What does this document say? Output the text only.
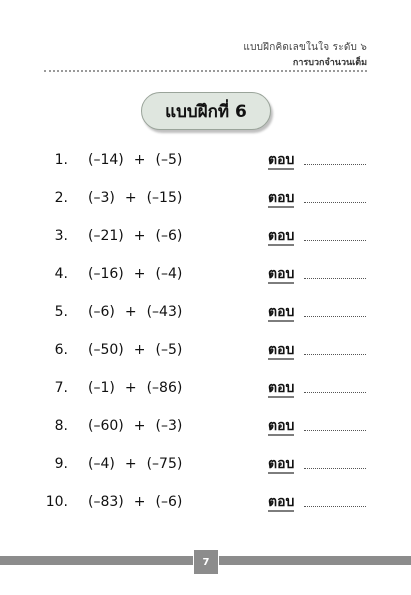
แบบฝึกคิดเลขในใจ ระดับ ๖
การบวกจำนวนเต็ม
แบบฝึกที่ 6
1. (–14) + (–5)	ตอบ
2. (–3) + (–15)	ตอบ
3. (–21) + (–6)	ตอบ
4. (–16) + (–4)	ตอบ
5. (–6) + (–43)	ตอบ
6. (–50) + (–5)	ตอบ
7. (–1) + (–86)	ตอบ
8. (–60) + (–3)	ตอบ
9. (–4) + (–75)	ตอบ
10. (–83) + (–6)	ตอบ
7
